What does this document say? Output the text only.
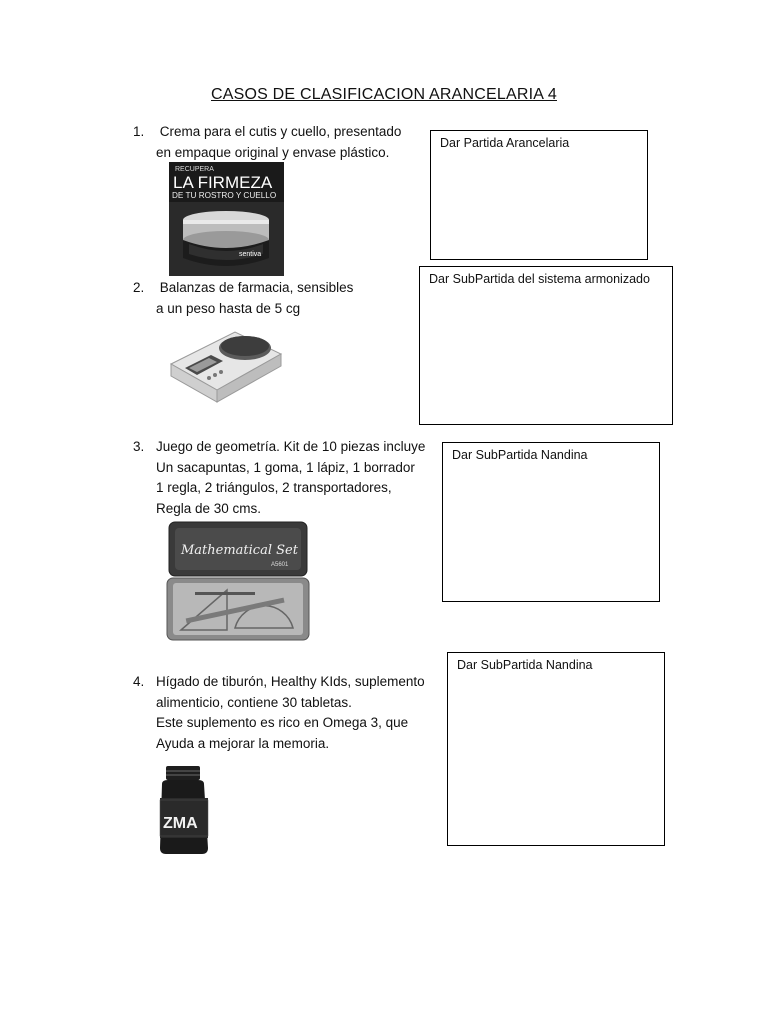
CASOS DE CLASIFICACION ARANCELARIA 4
1. Crema para el cutis y cuello, presentado
en empaque original y envase plástico.
RECUPERA
LA FIRMEZA
DE TU ROSTRO Y CUELLO
sentiva
Dar Partida Arancelaria
2. Balanzas de farmacia, sensibles
a un peso hasta de 5 cg
Dar SubPartida del sistema armonizado
3. Juego de geometría. Kit de 10 piezas incluye
Un sacapuntas, 1 goma, 1 lápiz, 1 borrador
1 regla, 2 triángulos, 2 transportadores,
Regla de 30 cms.
Mathematical Set
A5601
Dar SubPartida Nandina
4. Hígado de tiburón, Healthy KIds, suplemento
alimenticio, contiene 30 tabletas.
Este suplemento es rico en Omega 3, que
Ayuda a mejorar la memoria.
ZMA
Dar SubPartida Nandina
